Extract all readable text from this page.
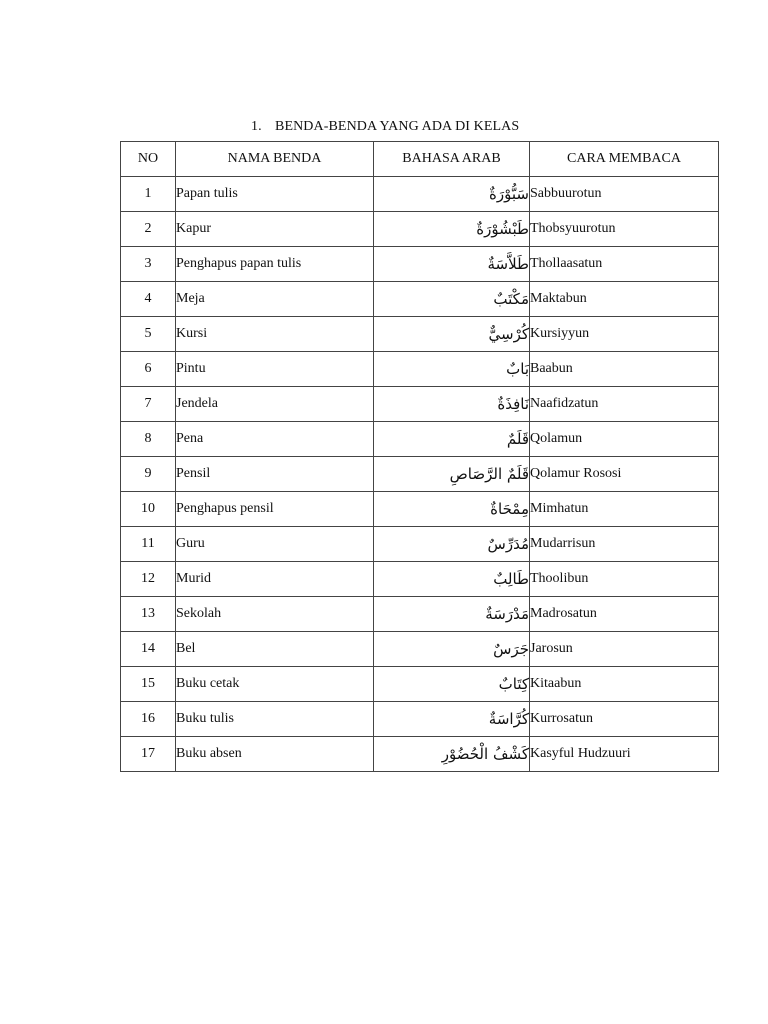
1. BENDA-BENDA YANG ADA DI KELAS
NO	NAMA BENDA	BAHASA ARAB	CARA MEMBACA
1	Papan tulis	سَبُّوْرَةٌ	Sabbuurotun
2	Kapur	طَبْشُوْرَةٌ	Thobsyuurotun
3	Penghapus papan tulis	طَلاَّسَةٌ	Thollaasatun
4	Meja	مَكْتَبٌ	Maktabun
5	Kursi	كُرْسِيٌّ	Kursiyyun
6	Pintu	بَابٌ	Baabun
7	Jendela	نَافِذَةٌ	Naafidzatun
8	Pena	قَلَمٌ	Qolamun
9	Pensil	قَلَمٌ الرَّصَاصِ	Qolamur Rososi
10	Penghapus pensil	مِمْحَاةٌ	Mimhatun
11	Guru	مُدَرِّسٌ	Mudarrisun
12	Murid	طَالِبٌ	Thoolibun
13	Sekolah	مَدْرَسَةٌ	Madrosatun
14	Bel	جَرَسٌ	Jarosun
15	Buku cetak	كِتَابٌ	Kitaabun
16	Buku tulis	كُرَّاسَةٌ	Kurrosatun
17	Buku absen	كَشْفُ الْحُضُوْرِ	Kasyful Hudzuuri
